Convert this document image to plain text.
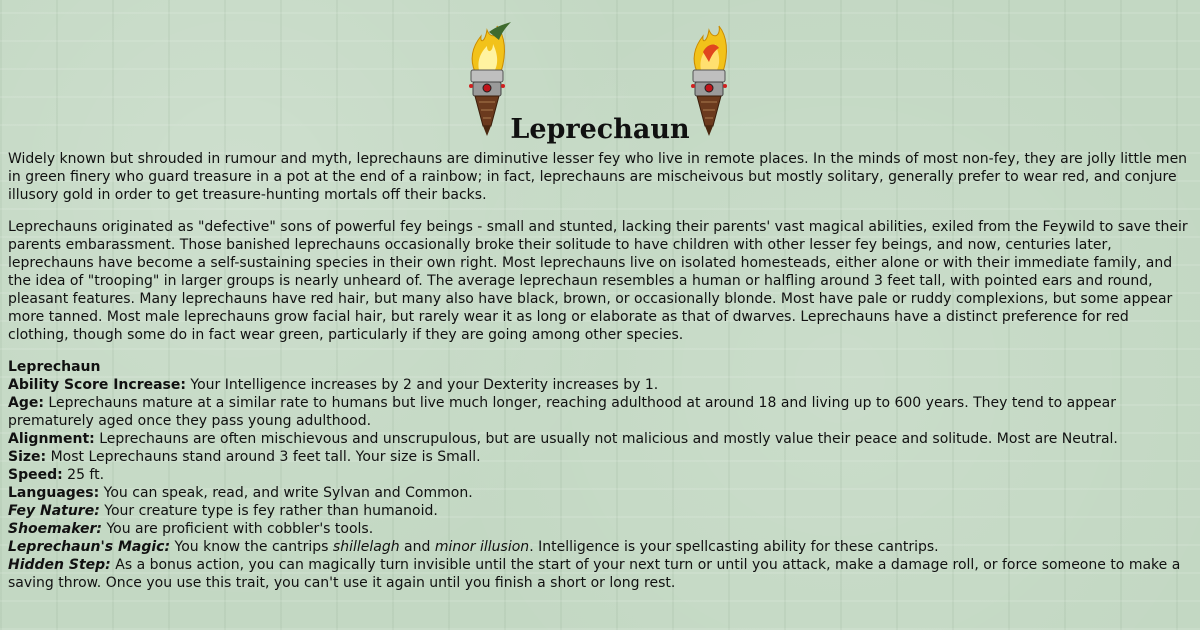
Leprechaun

Widely known but shrouded in rumour and myth, leprechauns are diminutive lesser fey who live in remote places. In the minds of most non-fey, they are jolly little men in green finery who guard treasure in a pot at the end of a rainbow; in fact, leprechauns are mischeivous but mostly solitary, generally prefer to wear red, and conjure illusory gold in order to get treasure-hunting mortals off their backs.

Leprechauns originated as "defective" sons of powerful fey beings - small and stunted, lacking their parents' vast magical abilities, exiled from the Feywild to save their parents embarassment. Those banished leprechauns occasionally broke their solitude to have children with other lesser fey beings, and now, centuries later, leprechauns have become a self-sustaining species in their own right. Most leprechauns live on isolated homesteads, either alone or with their immediate family, and the idea of "trooping" in larger groups is nearly unheard of. The average leprechaun resembles a human or halfling around 3 feet tall, with pointed ears and round, pleasant features. Many leprechauns have red hair, but many also have black, brown, or occasionally blonde. Most have pale or ruddy complexions, but some appear more tanned. Most male leprechauns grow facial hair, but rarely wear it as long or elaborate as that of dwarves. Leprechauns have a distinct preference for red clothing, though some do in fact wear green, particularly if they are going among other species.

Leprechaun
Ability Score Increase: Your Intelligence increases by 2 and your Dexterity increases by 1.
Age: Leprechauns mature at a similar rate to humans but live much longer, reaching adulthood at around 18 and living up to 600 years. They tend to appear prematurely aged once they pass young adulthood.
Alignment: Leprechauns are often mischievous and unscrupulous, but are usually not malicious and mostly value their peace and solitude. Most are Neutral.
Size: Most Leprechauns stand around 3 feet tall. Your size is Small.
Speed: 25 ft.
Languages: You can speak, read, and write Sylvan and Common.
Fey Nature: Your creature type is fey rather than humanoid.
Shoemaker: You are proficient with cobbler's tools.
Leprechaun's Magic: You know the cantrips shillelagh and minor illusion. Intelligence is your spellcasting ability for these cantrips.
Hidden Step: As a bonus action, you can magically turn invisible until the start of your next turn or until you attack, make a damage roll, or force someone to make a saving throw. Once you use this trait, you can't use it again until you finish a short or long rest.
